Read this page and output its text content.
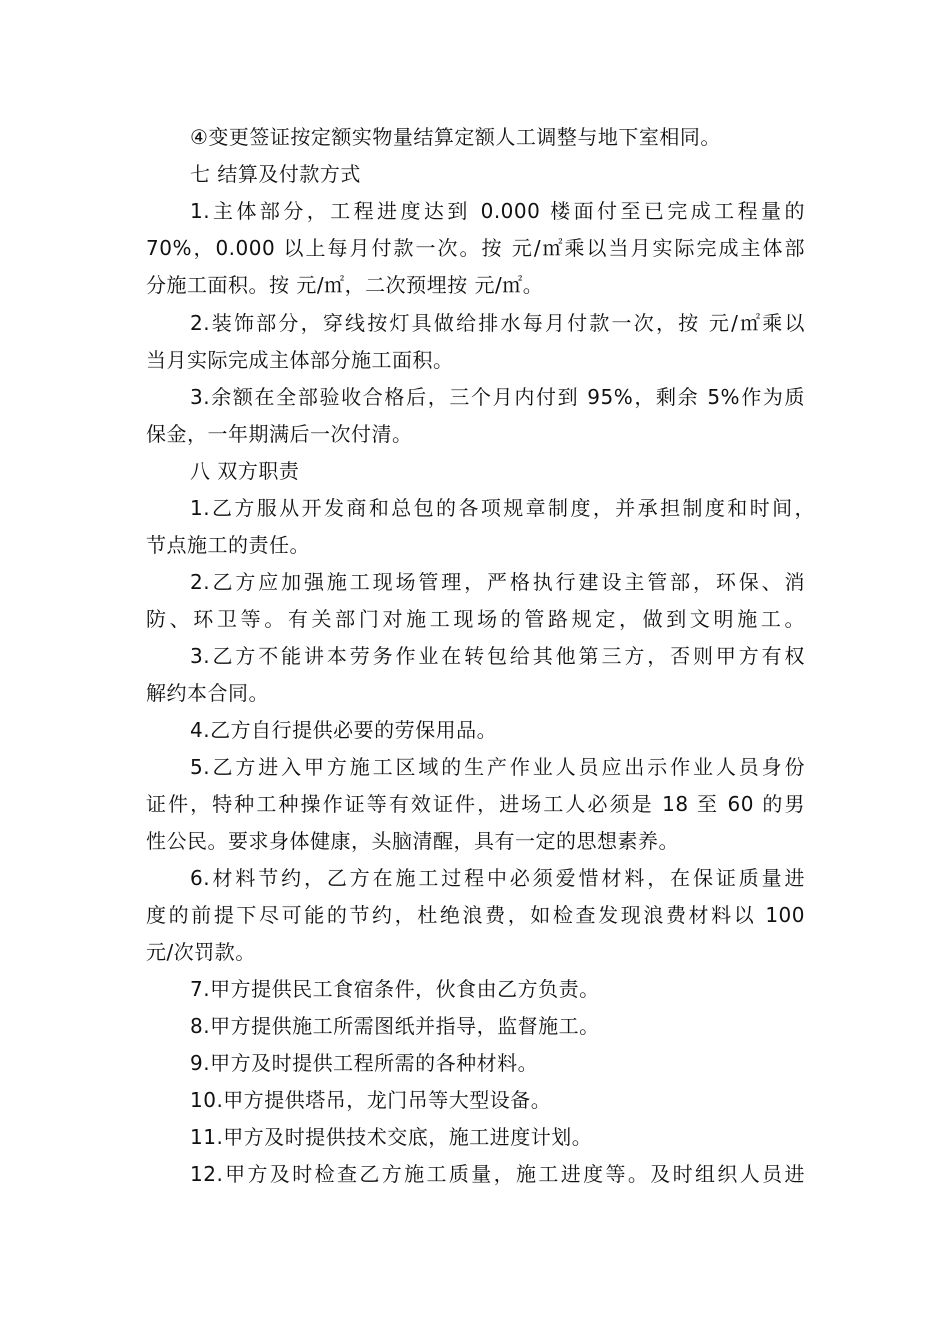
④变更签证按定额实物量结算定额人工调整与地下室相同。
七 结算及付款方式
1.主体部分，工程进度达到 0.000 楼面付至已完成工程量的
70%，0.000 以上每月付款一次。按 元/㎡乘以当月实际完成主体部
分施工面积。按 元/㎡，二次预埋按 元/㎡。
2.装饰部分，穿线按灯具做给排水每月付款一次，按 元/㎡乘以
当月实际完成主体部分施工面积。
3.余额在全部验收合格后，三个月内付到 95%，剩余 5%作为质
保金，一年期满后一次付清。
八 双方职责
1.乙方服从开发商和总包的各项规章制度，并承担制度和时间，
节点施工的责任。
2.乙方应加强施工现场管理，严格执行建设主管部，环保、消
防、环卫等。有关部门对施工现场的管路规定，做到文明施工。
3.乙方不能讲本劳务作业在转包给其他第三方，否则甲方有权
解约本合同。
4.乙方自行提供必要的劳保用品。
5.乙方进入甲方施工区域的生产作业人员应出示作业人员身份
证件，特种工种操作证等有效证件，进场工人必须是 18 至 60 的男
性公民。要求身体健康，头脑清醒，具有一定的思想素养。
6.材料节约，乙方在施工过程中必须爱惜材料，在保证质量进
度的前提下尽可能的节约，杜绝浪费，如检查发现浪费材料以 100
元/次罚款。
7.甲方提供民工食宿条件，伙食由乙方负责。
8.甲方提供施工所需图纸并指导，监督施工。
9.甲方及时提供工程所需的各种材料。
10.甲方提供塔吊，龙门吊等大型设备。
11.甲方及时提供技术交底，施工进度计划。
12.甲方及时检查乙方施工质量，施工进度等。及时组织人员进
